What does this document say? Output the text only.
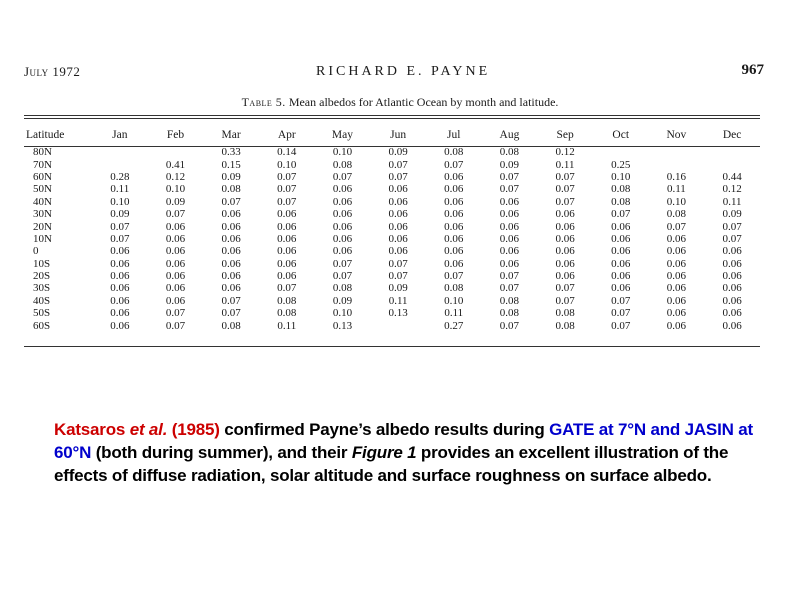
July 1972	RICHARD E. PAYNE	967
Table 5. Mean albedos for Atlantic Ocean by month and latitude.
Latitude	Jan	Feb	Mar	Apr	May	Jun	Jul	Aug	Sep	Oct	Nov	Dec
80N			0.33	0.14	0.10	0.09	0.08	0.08	0.12			
70N		0.41	0.15	0.10	0.08	0.07	0.07	0.09	0.11	0.25		
60N	0.28	0.12	0.09	0.07	0.07	0.07	0.06	0.07	0.07	0.10	0.16	0.44
50N	0.11	0.10	0.08	0.07	0.06	0.06	0.06	0.07	0.07	0.08	0.11	0.12
40N	0.10	0.09	0.07	0.07	0.06	0.06	0.06	0.06	0.07	0.08	0.10	0.11
30N	0.09	0.07	0.06	0.06	0.06	0.06	0.06	0.06	0.06	0.07	0.08	0.09
20N	0.07	0.06	0.06	0.06	0.06	0.06	0.06	0.06	0.06	0.06	0.07	0.07
10N	0.07	0.06	0.06	0.06	0.06	0.06	0.06	0.06	0.06	0.06	0.06	0.07
0	0.06	0.06	0.06	0.06	0.06	0.06	0.06	0.06	0.06	0.06	0.06	0.06
10S	0.06	0.06	0.06	0.06	0.07	0.07	0.06	0.06	0.06	0.06	0.06	0.06
20S	0.06	0.06	0.06	0.06	0.07	0.07	0.07	0.07	0.06	0.06	0.06	0.06
30S	0.06	0.06	0.06	0.07	0.08	0.09	0.08	0.07	0.07	0.06	0.06	0.06
40S	0.06	0.06	0.07	0.08	0.09	0.11	0.10	0.08	0.07	0.07	0.06	0.06
50S	0.06	0.07	0.07	0.08	0.10	0.13	0.11	0.08	0.08	0.07	0.06	0.06
60S	0.06	0.07	0.08	0.11	0.13		0.27	0.07	0.08	0.07	0.06	0.06
Katsaros et al. (1985) confirmed Payne’s albedo results during GATE at 7°N and JASIN at 60°N (both during summer), and their Figure 1 provides an excellent illustration of the effects of diffuse radiation, solar altitude and surface roughness on surface albedo.
